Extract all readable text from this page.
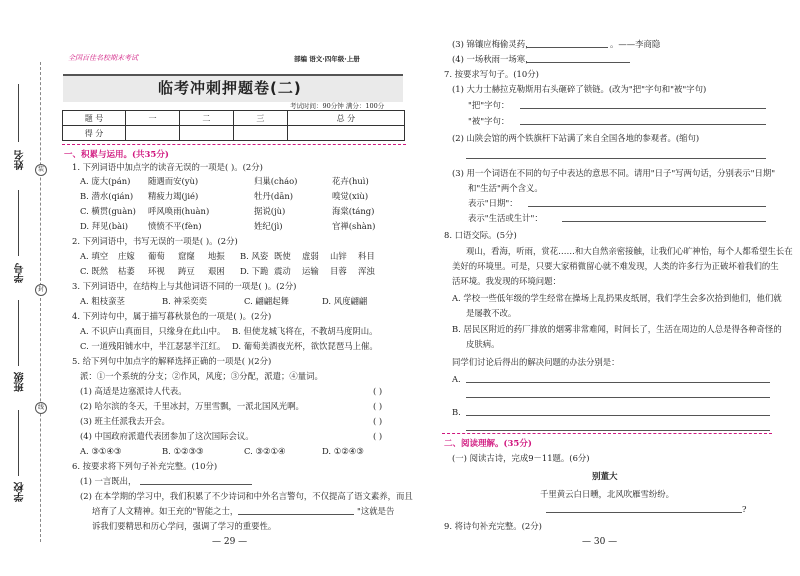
姓名
学号
班级
学校
装
封
线
全国百佳名校期末考试	部编 语文·四年级·上册
临考冲刺押题卷(二)
考试时间：90分钟 满分：100分
题 号	一	二	三	总 分
得 分				
一、积累与运用。(共35分)
1. 下列词语中加点字的读音无误的一项是( )。(2分)
A. 庞大(pán) 随遇而安(yù)	归巢(cháo)	花卉(huì)
B. 潜水(qián) 精疲力竭(jié)	牡丹(dān)	嗅觉(xiù)
C. 横贯(guàn) 呼风唤雨(huàn)	据说(jù)	海棠(táng)
D. 拜见(bài) 愤愤不平(fèn)	姓纪(jì)	官禅(shàn)
2. 下列词语中，书写无误的一项是( )。(2分)
A. 填空 庄嫁 葡萄 窟窿 地振 B. 风姿 既使 虚弱 山锌 科目
C. 既然 枯萎 环视 踌豆 艰困 D. 下跪 震动 运输 目蓉 浑浊
3. 下列词语中，在结构上与其他词语不同的一项是( )。(2分)
A. 粗枝蛮茎	B. 神采奕奕	C. 翩翩起舞	D. 风度翩翩
4. 下列诗句中，属于描写暮秋景色的一项是( )。(2分)
A. 不识庐山真面目，只缘身在此山中。 B. 但使龙城飞将在，不教胡马度阴山。
C. 一道残阳铺水中，半江瑟瑟半江红。 D. 葡萄美酒夜光杯，欲饮琵琶马上催。
5. 给下列句中加点字的解释选择正确的一项是( )(2分)
派：①一个系统的分支；②作风，风度；③分配，派遣；④量词。
(1) 高适是边塞派诗人代表。	( )
(2) 哈尔滨的冬天，千里冰封，万里雪飘，一派北国风光啊。	( )
(3) 班主任派我去开会。	( )
(4) 中国政府派遣代表团参加了这次国际会议。	( )
A. ③①④③	B. ①②③③	C. ③②①④	D. ①②④③
6. 按要求将下列句子补充完整。(10分)
(1) 一言既出，
(2) 在本学期的学习中，我们积累了不少诗词和中外名言警句，不仅提高了语文素养，而且
培育了人文精神。如王充的"智能之士，	"这就是告
诉我们要精思和历心学问，强调了学习的重要性。
(3) 锦镶应梅偷灵药，	。——李商隐
(4) 一场秋雨一场寒，
7. 按要求写句子。(10分)
(1) 大力士赫拉克勒斯用右头砸碎了锁链。(改为"把"字句和"被"字句)
"把"字句：
"被"字句：
(2) 山陕会馆的两个铁旗杆下站满了来自全国各地的参观者。(缩句)
(3) 用一个词语在不同的句子中表达的意思不同。请用"日子"写两句话，分别表示"日期"
和"生活"两个含义。
表示"日期"：
表示"生活或生计"：
8. 口语交际。(5分)
观山，看海，听雨，赏花……和大自然亲密接触，让我们心旷神怡，每个人都希望生长在
美好的环境里。可是，只要大家稍微留心就不难发现，人类的许多行为正破坏着我们的生
活环境。我发现的环境问题：
A. 学校一些低年级的学生经常在操场上乱扔果皮纸屑，我们学生会多次拾到他们，他们就
是屡教不改。
B. 居民区附近的药厂排放的烟雾非常难闻，时间长了，生活在周边的人总是得各种奇怪的
皮肤病。
同学们讨论后得出的解决问题的办法分别是：
A.
B.
二、阅读理解。(35分)
(一) 阅读古诗，完成9－11题。(6分)
千里黄云白日曛，北风吹雁雪纷纷。
?
9. 将诗句补充完整。(2分)
别董大
— 29 —	— 30 —
